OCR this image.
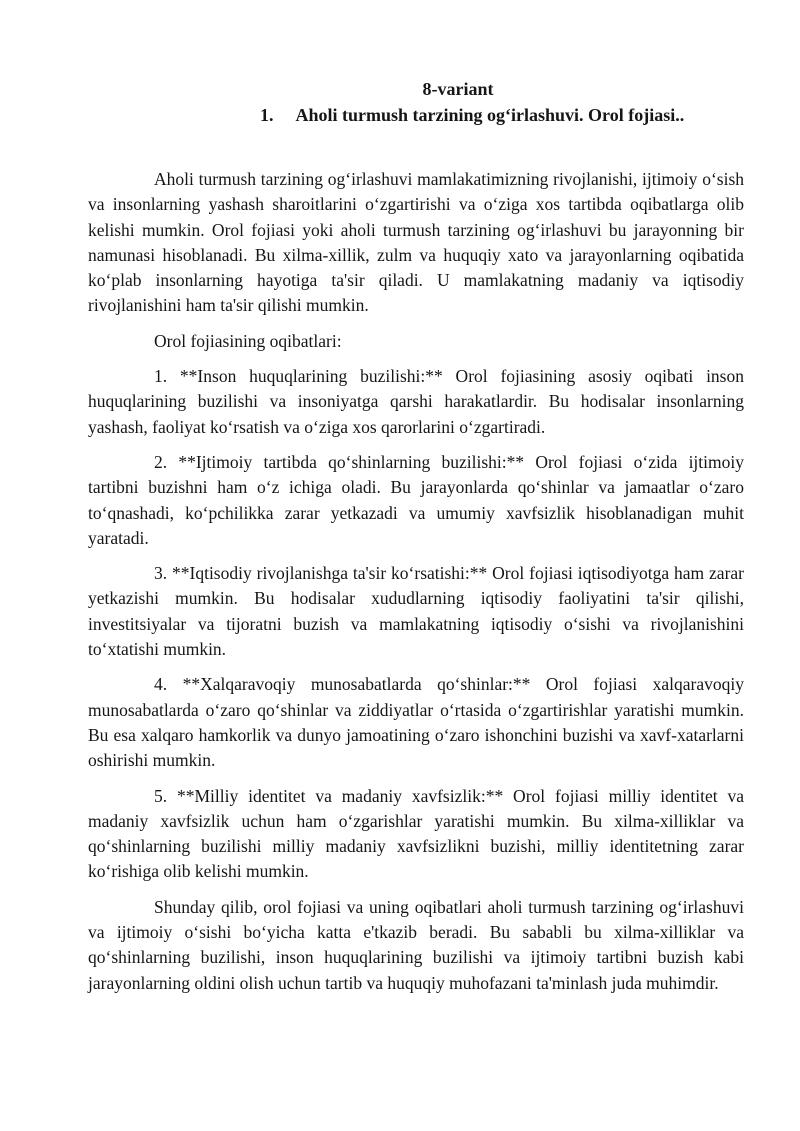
8-variant
1. Aholi turmush tarzining og‘irlashuvi. Orol fojiasi..

Aholi turmush tarzining og‘irlashuvi mamlakatimizning rivojlanishi, ijtimoiy o‘sish va insonlarning yashash sharoitlarini o‘zgartirishi va o‘ziga xos tartibda oqibatlarga olib kelishi mumkin. Orol fojiasi yoki aholi turmush tarzining og‘irlashuvi bu jarayonning bir namunasi hisoblanadi. Bu xilma-xillik, zulm va huquqiy xato va jarayonlarning oqibatida ko‘plab insonlarning hayotiga ta'sir qiladi. U mamlakatning madaniy va iqtisodiy rivojlanishini ham ta'sir qilishi mumkin.

Orol fojiasining oqibatlari:

1. **Inson huquqlarining buzilishi:** Orol fojiasining asosiy oqibati inson huquqlarining buzilishi va insoniyatga qarshi harakatlardir. Bu hodisalar insonlarning yashash, faoliyat ko‘rsatish va o‘ziga xos qarorlarini o‘zgartiradi.

2. **Ijtimoiy tartibda qo‘shinlarning buzilishi:** Orol fojiasi o‘zida ijtimoiy tartibni buzishni ham o‘z ichiga oladi. Bu jarayonlarda qo‘shinlar va jamaatlar o‘zaro to‘qnashadi, ko‘pchilikka zarar yetkazadi va umumiy xavfsizlik hisoblanadigan muhit yaratadi.

3. **Iqtisodiy rivojlanishga ta'sir ko‘rsatishi:** Orol fojiasi iqtisodiyotga ham zarar yetkazishi mumkin. Bu hodisalar xududlarning iqtisodiy faoliyatini ta'sir qilishi, investitsiyalar va tijoratni buzish va mamlakatning iqtisodiy o‘sishi va rivojlanishini to‘xtatishi mumkin.

4. **Xalqaravoqiy munosabatlarda qo‘shinlar:** Orol fojiasi xalqaravoqiy munosabatlarda o‘zaro qo‘shinlar va ziddiyatlar o‘rtasida o‘zgartirishlar yaratishi mumkin. Bu esa xalqaro hamkorlik va dunyo jamoatining o‘zaro ishonchini buzishi va xavf-xatarlarni oshirishi mumkin.

5. **Milliy identitet va madaniy xavfsizlik:** Orol fojiasi milliy identitet va madaniy xavfsizlik uchun ham o‘zgarishlar yaratishi mumkin. Bu xilma-xilliklar va qo‘shinlarning buzilishi milliy madaniy xavfsizlikni buzishi, milliy identitetning zarar ko‘rishiga olib kelishi mumkin.

Shunday qilib, orol fojiasi va uning oqibatlari aholi turmush tarzining og‘irlashuvi va ijtimoiy o‘sishi bo‘yicha katta e'tkazib beradi. Bu sababli bu xilma-xilliklar va qo‘shinlarning buzilishi, inson huquqlarining buzilishi va ijtimoiy tartibni buzish kabi jarayonlarning oldini olish uchun tartib va huquqiy muhofazani ta'minlash juda muhimdir.
